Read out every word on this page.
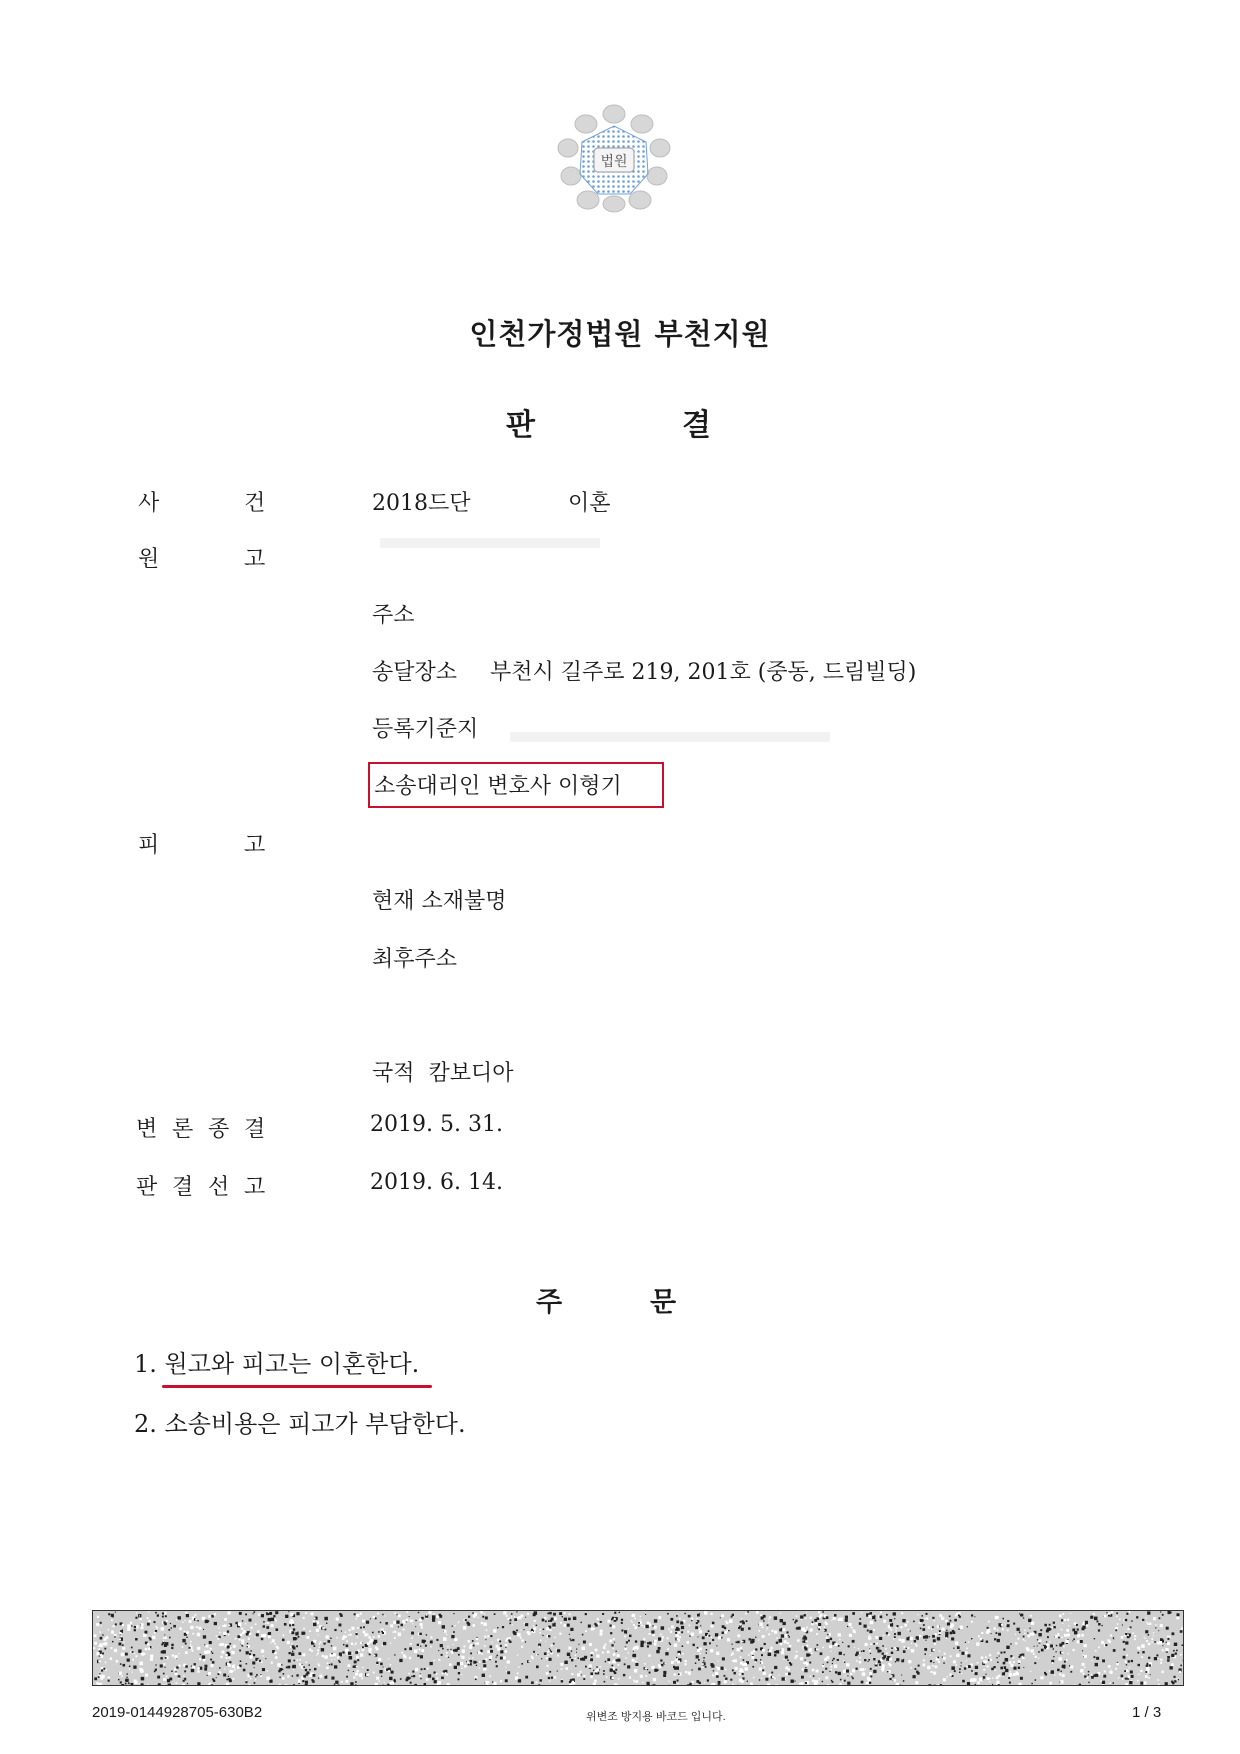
법원
인천가정법원 부천지원
판	결
사	건	2018드단	이혼
원	고
주소
송달장소 부천시 길주로 219, 201호 (중동, 드림빌딩)
등록기준지
소송대리인 변호사 이형기
피	고
현재 소재불명
최후주소
국적  캄보디아
변 론 종 결	2019. 5. 31.
판 결 선 고	2019. 6. 14.
주	문
1. 원고와 피고는 이혼한다.
2. 소송비용은 피고가 부담한다.
2019-0144928705-630B2	위변조 방지용 바코드 입니다.	1 / 3
